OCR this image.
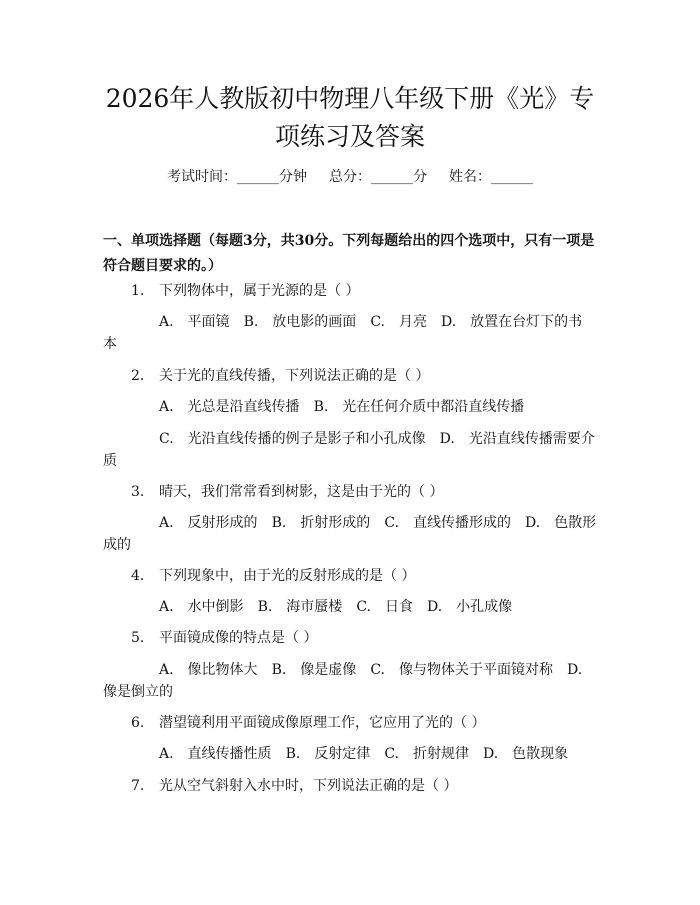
2026年人教版初中物理八年级下册《光》专项练习及答案
考试时间：______分钟 总分：______分 姓名：______
一、单项选择题（每题3分，共30分。下列每题给出的四个选项中，只有一项是符合题目要求的。）
1. 下列物体中，属于光源的是（ ）
A.　平面镜 B.　放电影的画面 C.　月亮 D.　放置在台灯下的书本
2. 关于光的直线传播，下列说法正确的是（ ）
A.　光总是沿直线传播 B.　光在任何介质中都沿直线传播
C.　光沿直线传播的例子是影子和小孔成像 D.　光沿直线传播需要介质
3. 晴天，我们常常看到树影，这是由于光的（ ）
A.　反射形成的 B.　折射形成的 C.　直线传播形成的 D.　色散形成的
4. 下列现象中，由于光的反射形成的是（ ）
A.　水中倒影 B.　海市蜃楼 C.　日食 D.　小孔成像
5. 平面镜成像的特点是（ ）
A.　像比物体大 B.　像是虚像 C.　像与物体关于平面镜对称 D.　像是倒立的
6. 潜望镜利用平面镜成像原理工作，它应用了光的（ ）
A.　直线传播性质 B.　反射定律 C.　折射规律 D.　色散现象
7. 光从空气斜射入水中时，下列说法正确的是（ ）
